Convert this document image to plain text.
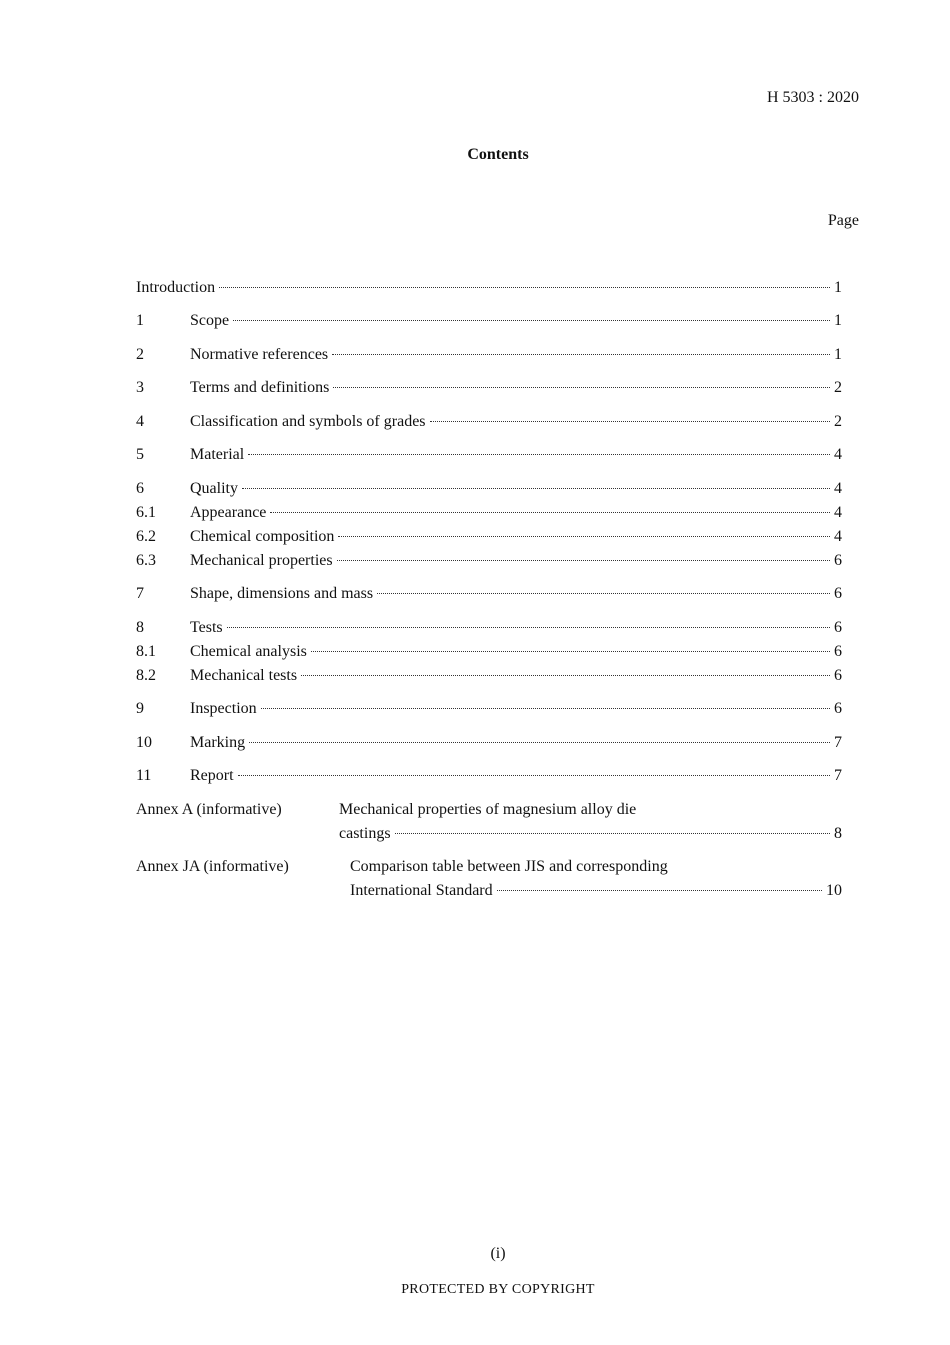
H 5303 : 2020
Contents
Page
Introduction	1
1	Scope	1
2	Normative references	1
3	Terms and definitions	2
4	Classification and symbols of grades	2
5	Material	4
6	Quality	4
6.1	Appearance	4
6.2	Chemical composition	4
6.3	Mechanical properties	6
7	Shape, dimensions and mass	6
8	Tests	6
8.1	Chemical analysis	6
8.2	Mechanical tests	6
9	Inspection	6
10	Marking	7
11	Report	7
Annex A (informative)	Mechanical properties of magnesium alloy die
castings	8
Annex JA (informative)	Comparison table between JIS and corresponding
International Standard	10
(i)
PROTECTED BY COPYRIGHT
